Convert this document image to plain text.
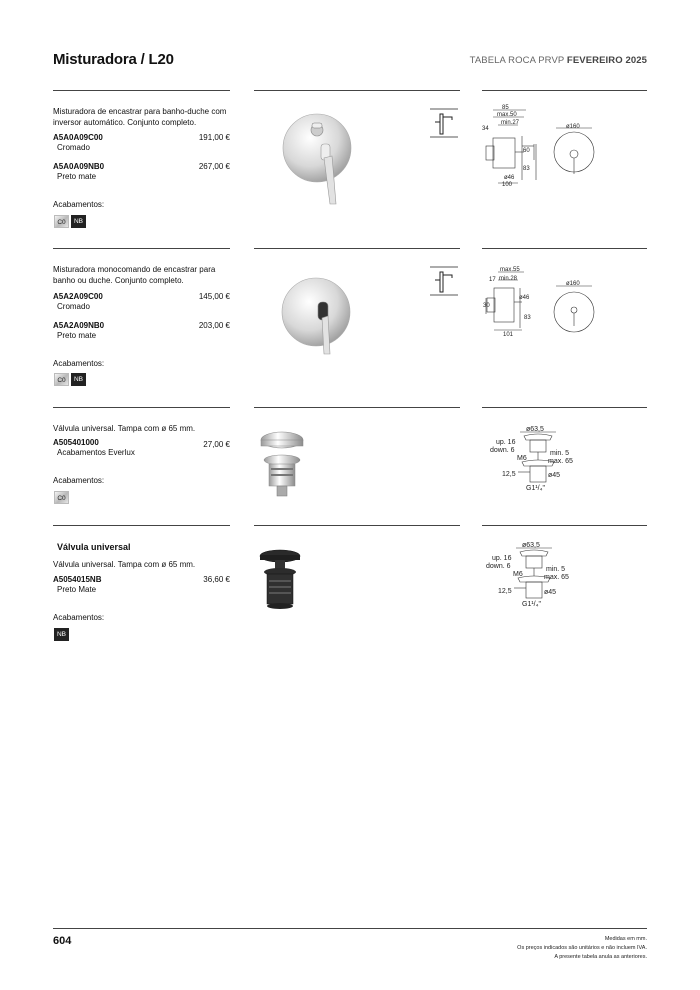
Misturadora / L20	TABELA ROCA PRVP FEVEREIRO 2025
Misturadora de encastrar para banho-duche com inversor automático. Conjunto completo.
A5A0A09C00	191,00 €
Cromado
A5A0A09NB0	267,00 €
Preto mate
Acabamentos:
C0	NB
85
max.50
min.27
34
60
83
ø46
100
ø160
Misturadora monocomando de encastrar para banho ou duche. Conjunto completo.
A5A2A09C00	145,00 €
Cromado
A5A2A09NB0	203,00 €
Preto mate
Acabamentos:
C0	NB
max.55
17 min.28
30
ø46
83
101
ø160
Válvula universal. Tampa com ø 65 mm.
A505401000	27,00 €
Acabamentos Everlux
Acabamentos:
C0
ø63,5
up. 16
down. 6
M6
min. 5
max. 65
12,5	ø45
G1¹/₄"
Válvula universal
Válvula universal. Tampa com ø 65 mm.
A5054015NB	36,60 €
Preto Mate
Acabamentos:
NB
ø63,5
up. 16
down. 6
M6
min. 5
max. 65
12,5	ø45
G1¹/₄"
604	Medidas em mm.
Os preços indicados são unitários e não incluem IVA.
A presente tabela anula as anteriores.
